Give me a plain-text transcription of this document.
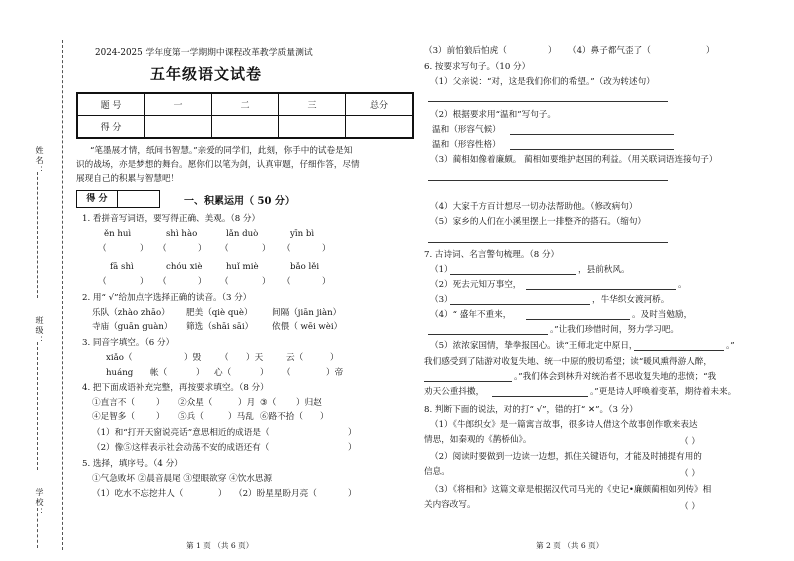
姓名：
班级：
学校：
2024-2025 学年度第一学期期中课程改革教学质量测试
五年级语文试卷
题 号	一	二	三	总分
得 分				
“笔墨展才情，纸间书智慧。”亲爱的同学们，此刻，你手中的试卷是知
识的战场，亦是梦想的舞台。愿你们以笔为剑，认真审题，仔细作答，尽情
展现自己的积累与智慧吧！
得 分	一、积累运用（ 50 分）
1. 看拼音写词语，要写得正确、美观。（8 分）
ěn huì	shì hào	lǎn duò	yīn bì
（	） （	） （	） （	）
fā shì	chóu xiè	huǐ miè	bǎo lěi
（	） （	） （	） （	）
2. 用“ √”给加点字选择正确的读音。（3 分）
乐队（zhào zhāo） 肥美（qiè què） 间隔（jiān jiàn）
寺庙（guān guàn） 筛选（shāi sāi） 依偎（ wēi wèi）
3. 同音字填空。（6 分）
xiǎo（	）毁 （ ）天	云（	）
huáng 帐（	） 心（	） （	）帝
4. 把下面成语补充完整，再按要求填空。（8 分）
①直言不（ ） ②众星（	）月 ③（ ）归赵
④足智多（ ） ⑤兵（	）马乱 ⑥路不拾（ ）
（1）和“打开天窗说亮话”意思相近的成语是（	）
（2）像⑤这样表示社会动荡不安的成语还有（	）
5. 选择，填序号。（4 分）
①气急败坏 ②晨音晨尾 ③望眼欲穿 ④饮水思源
（1）吃水不忘挖井人（	） （2）盼星星盼月亮（	）
第 1 页 （共 6 页）
（3）前怕狼后怕虎（	） （4）鼻子都气歪了（	）
6. 按要求写句子。（10 分）
（1）父亲说：“对，这是我们你们的希望。”（改为转述句）
（2）根据要求用“温和”写句子。
温和（形容气候）
温和（形容性格）
（3）蔺相如像着廉颇。 蔺相如要维护赵国的利益。（用关联词语连接句子）
（4）大家千方百计想尽一切办法帮助他。（修改病句）
（5）家乡的人们在小溪里摆上一排整齐的搭石。（缩句）
7. 古诗词、名言警句梳理。（8 分）
（1）	，县前秋风。
（2）死去元知万事空，	。
（3）	，牛华织女渡河桥。
（4）“ 盛年不重来，	。及时当勉励，
。”让我们珍惜时间，努力学习吧。
（5）浓浓家国情，挚拳报国心。读“王师北定中原日，	。”
我们感受到了陆游对收复失地、统一中原的殷切希望；读“暖风熏得游人醉，
。”我们体会到林升对统治者不思收复失地的悲愤；“我
劝天公重抖擞，	。”更是诗人呼唤着变革，期待着未来。
8. 判断下面的说法，对的打“ √”，错的打“ ✕”。（3 分）
（1）《牛郎织女》是一篇寓言故事，很多诗人借这个故事创作歌来表达
情思，如秦观的《鹊桥仙》。	（ ）
（2）阅读时要做到一边读一边想，抓住关键语句，才能及时捕提有用的
信息。	（ ）
（3）《将相和》这篇文章是根据汉代司马光的《史记•廉颇蔺相如列传》相
关内容改写。	（ ）
第 2 页 （共 6 页）
